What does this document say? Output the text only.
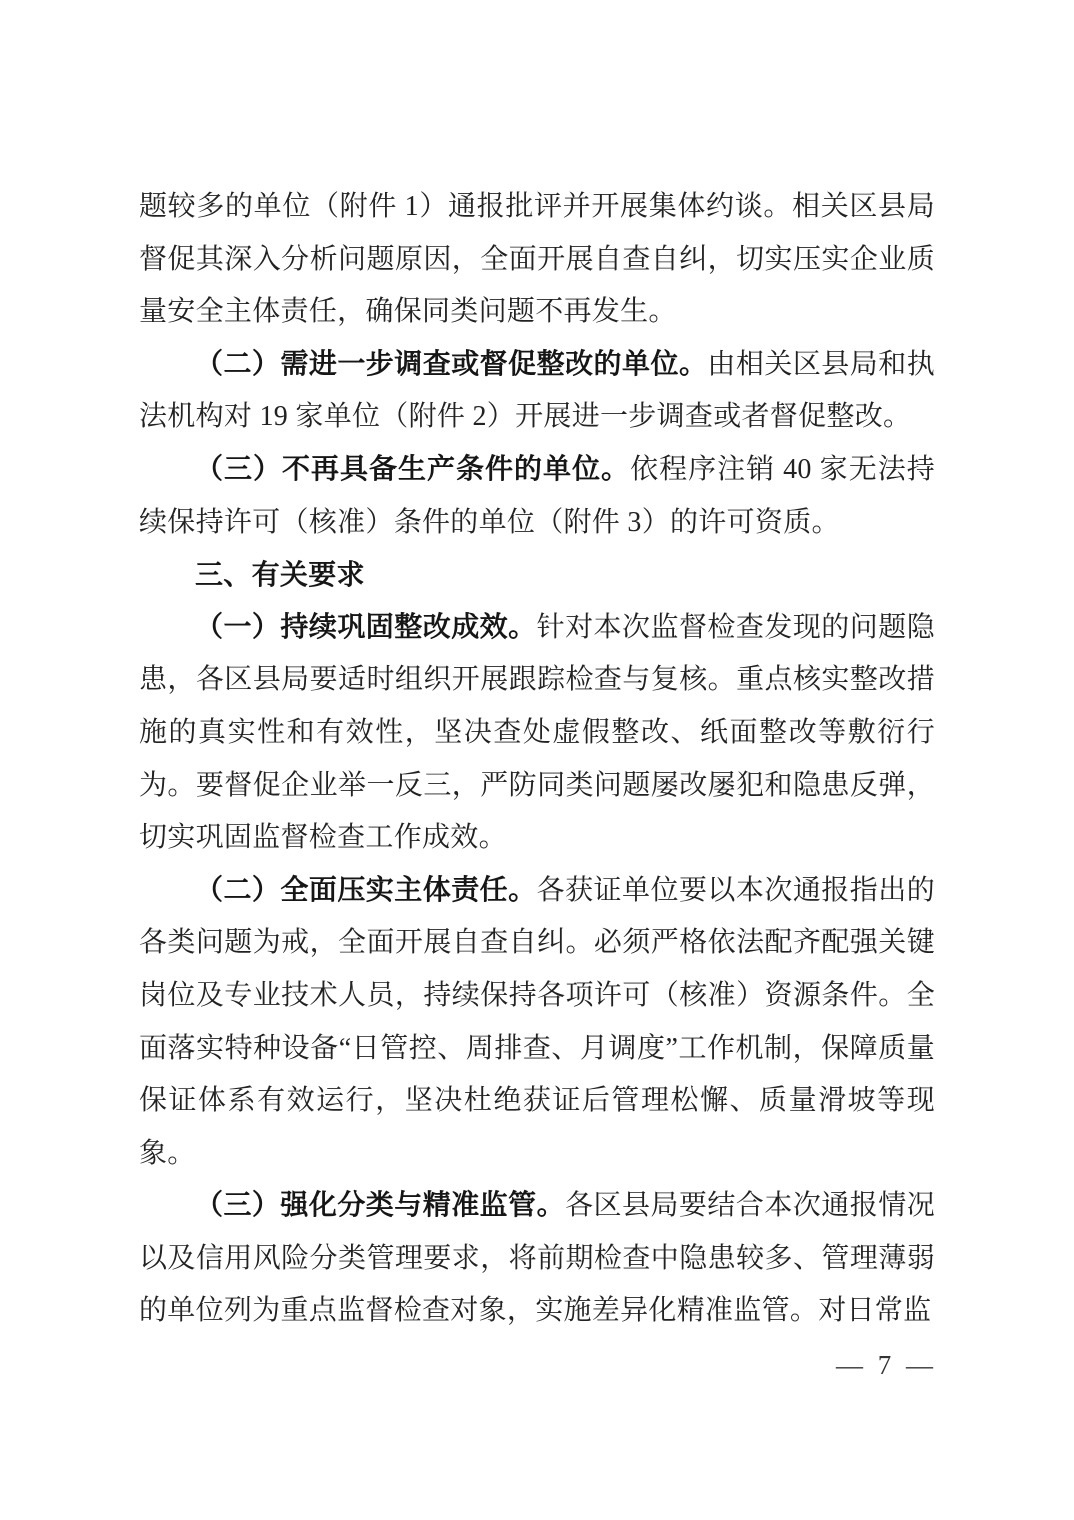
题较多的单位（附件 1）通报批评并开展集体约谈。相关区县局督促其深入分析问题原因，全面开展自查自纠，切实压实企业质量安全主体责任，确保同类问题不再发生。

（二）需进一步调查或督促整改的单位。由相关区县局和执法机构对 19 家单位（附件 2）开展进一步调查或者督促整改。

（三）不再具备生产条件的单位。依程序注销 40 家无法持续保持许可（核准）条件的单位（附件 3）的许可资质。

三、有关要求

（一）持续巩固整改成效。针对本次监督检查发现的问题隐患，各区县局要适时组织开展跟踪检查与复核。重点核实整改措施的真实性和有效性，坚决查处虚假整改、纸面整改等敷衍行为。要督促企业举一反三，严防同类问题屡改屡犯和隐患反弹，切实巩固监督检查工作成效。

（二）全面压实主体责任。各获证单位要以本次通报指出的各类问题为戒，全面开展自查自纠。必须严格依法配齐配强关键岗位及专业技术人员，持续保持各项许可（核准）资源条件。全面落实特种设备“日管控、周排查、月调度”工作机制，保障质量保证体系有效运行，坚决杜绝获证后管理松懈、质量滑坡等现象。

（三）强化分类与精准监管。各区县局要结合本次通报情况以及信用风险分类管理要求，将前期检查中隐患较多、管理薄弱的单位列为重点监督检查对象，实施差异化精准监管。对日常监

— 7 —
